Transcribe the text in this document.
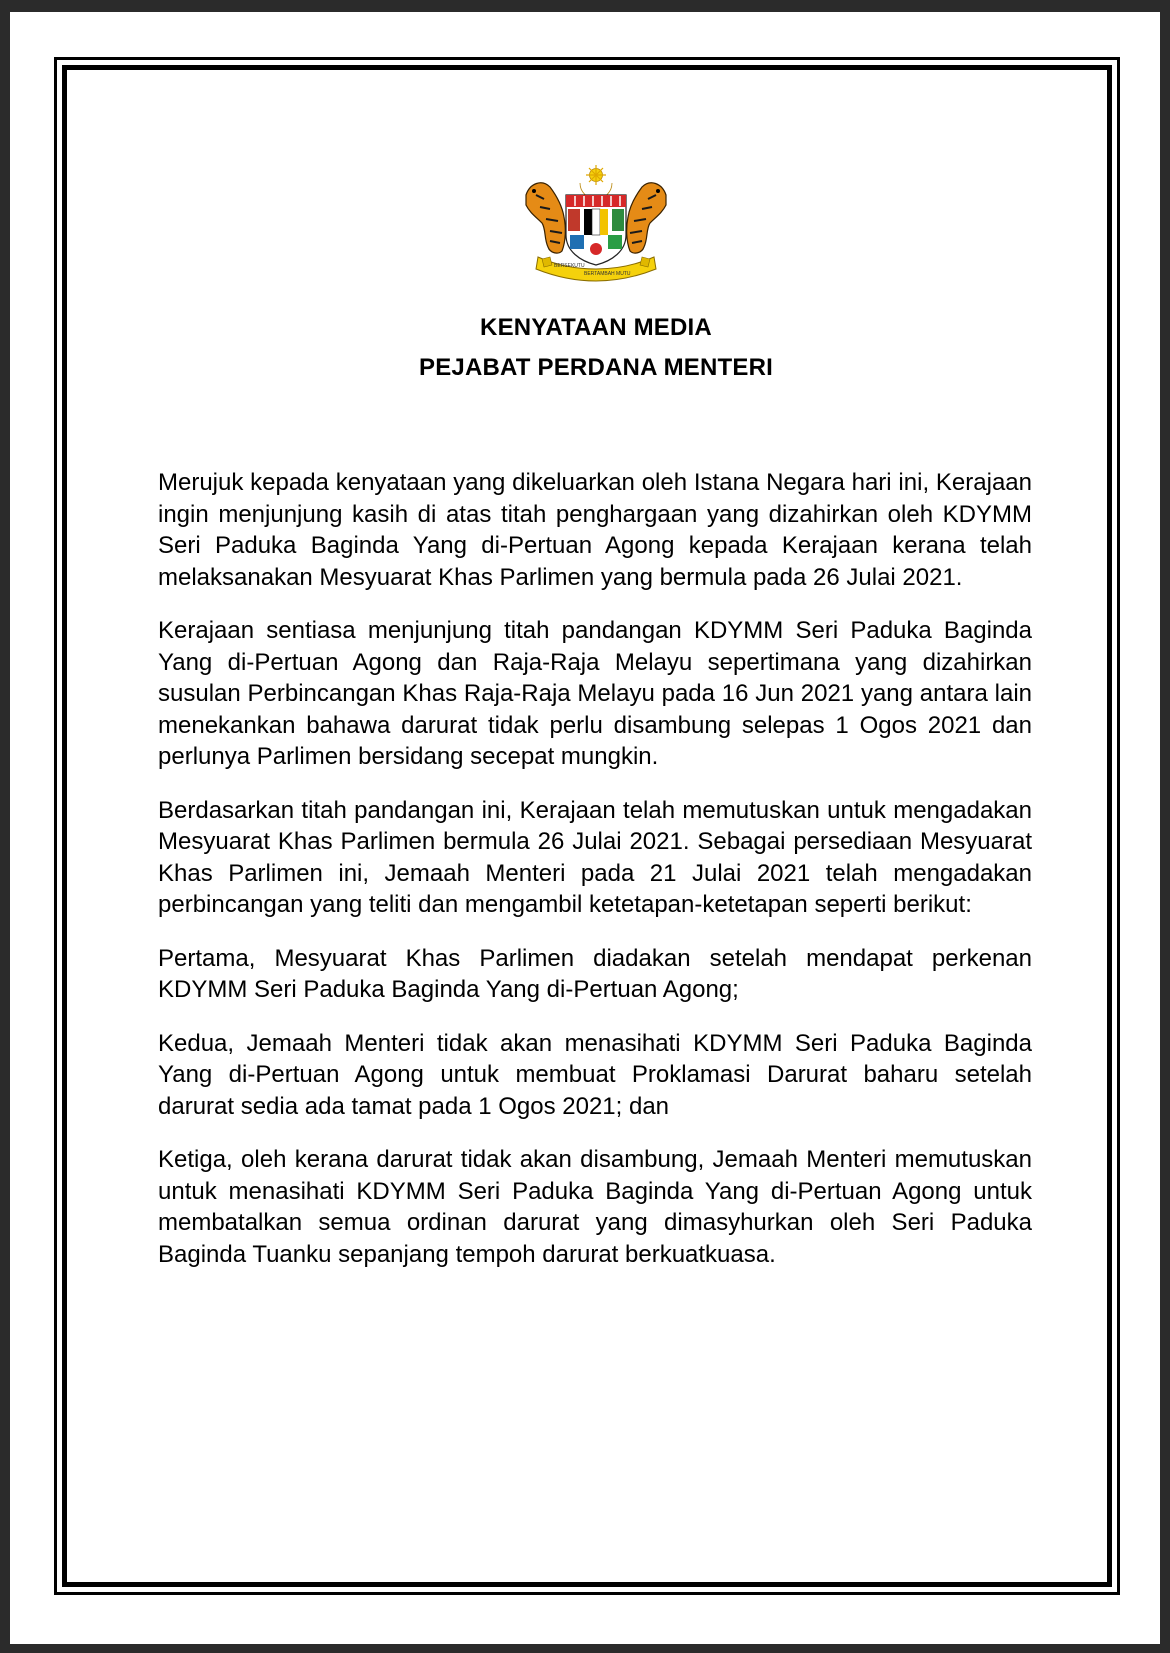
BERSEKUTU
BERTAMBAH MUTU
KENYATAAN MEDIA
PEJABAT PERDANA MENTERI

Merujuk kepada kenyataan yang dikeluarkan oleh Istana Negara hari ini, Kerajaan ingin menjunjung kasih di atas titah penghargaan yang dizahirkan oleh KDYMM Seri Paduka Baginda Yang di-Pertuan Agong kepada Kerajaan kerana telah melaksanakan Mesyuarat Khas Parlimen yang bermula pada 26 Julai 2021.

Kerajaan sentiasa menjunjung titah pandangan KDYMM Seri Paduka Baginda Yang di-Pertuan Agong dan Raja-Raja Melayu sepertimana yang dizahirkan susulan Perbincangan Khas Raja-Raja Melayu pada 16 Jun 2021 yang antara lain menekankan bahawa darurat tidak perlu disambung selepas 1 Ogos 2021 dan perlunya Parlimen bersidang secepat mungkin.

Berdasarkan titah pandangan ini, Kerajaan telah memutuskan untuk mengadakan Mesyuarat Khas Parlimen bermula 26 Julai 2021. Sebagai persediaan Mesyuarat Khas Parlimen ini, Jemaah Menteri pada 21 Julai 2021 telah mengadakan perbincangan yang teliti dan mengambil ketetapan-ketetapan seperti berikut:

Pertama, Mesyuarat Khas Parlimen diadakan setelah mendapat perkenan KDYMM Seri Paduka Baginda Yang di-Pertuan Agong;

Kedua, Jemaah Menteri tidak akan menasihati KDYMM Seri Paduka Baginda Yang di-Pertuan Agong untuk membuat Proklamasi Darurat baharu setelah darurat sedia ada tamat pada 1 Ogos 2021; dan

Ketiga, oleh kerana darurat tidak akan disambung, Jemaah Menteri memutuskan untuk menasihati KDYMM Seri Paduka Baginda Yang di-Pertuan Agong untuk membatalkan semua ordinan darurat yang dimasyhurkan oleh Seri Paduka Baginda Tuanku sepanjang tempoh darurat berkuatkuasa.
